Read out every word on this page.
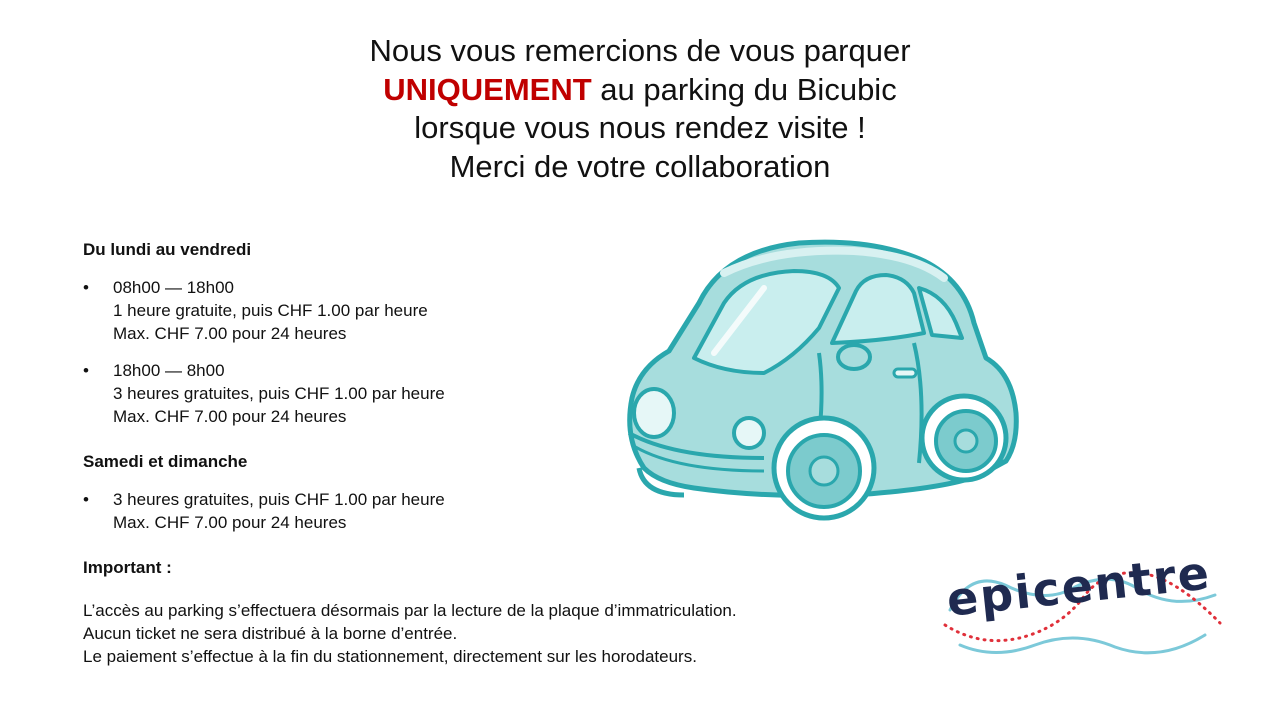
Nous vous remercions de vous parquer
UNIQUEMENT au parking du Bicubic
lorsque vous nous rendez visite !
Merci de votre collaboration

Du lundi au vendredi

• 08h00 — 18h00
1 heure gratuite, puis CHF 1.00 par heure
Max. CHF 7.00 pour 24 heures
• 18h00 — 8h00
3 heures gratuites, puis CHF 1.00 par heure
Max. CHF 7.00 pour 24 heures

Samedi et dimanche

• 3 heures gratuites, puis CHF 1.00 par heure
Max. CHF 7.00 pour 24 heures

Important :

L’accès au parking s’effectuera désormais par la lecture de la plaque d’immatriculation.
Aucun ticket ne sera distribué à la borne d’entrée.
Le paiement s’effectue à la fin du stationnement, directement sur les horodateurs.
epicentre
